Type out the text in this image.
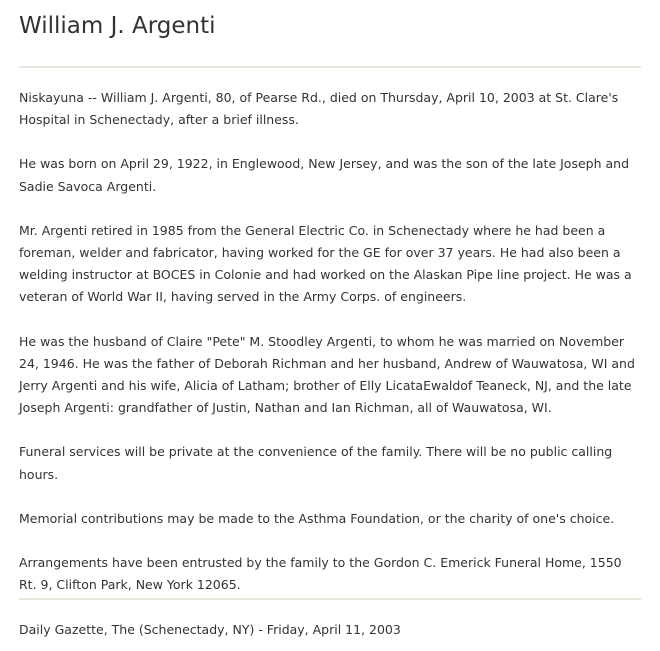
William J. Argenti

Niskayuna -- William J. Argenti, 80, of Pearse Rd., died on Thursday, April 10, 2003 at St. Clare's Hospital in Schenectady, after a brief illness.

He was born on April 29, 1922, in Englewood, New Jersey, and was the son of the late Joseph and Sadie Savoca Argenti.

Mr. Argenti retired in 1985 from the General Electric Co. in Schenectady where he had been a foreman, welder and fabricator, having worked for the GE for over 37 years. He had also been a welding instructor at BOCES in Colonie and had worked on the Alaskan Pipe line project. He was a veteran of World War II, having served in the Army Corps. of engineers.

He was the husband of Claire "Pete" M. Stoodley Argenti, to whom he was married on November 24, 1946. He was the father of Deborah Richman and her husband, Andrew of Wauwatosa, WI and Jerry Argenti and his wife, Alicia of Latham; brother of Elly LicataEwaldof Teaneck, NJ, and the late Joseph Argenti: grandfather of Justin, Nathan and Ian Richman, all of Wauwatosa, WI.

Funeral services will be private at the convenience of the family. There will be no public calling hours.

Memorial contributions may be made to the Asthma Foundation, or the charity of one's choice.

Arrangements have been entrusted by the family to the Gordon C. Emerick Funeral Home, 1550 Rt. 9, Clifton Park, New York 12065.

Daily Gazette, The (Schenectady, NY) - Friday, April 11, 2003
